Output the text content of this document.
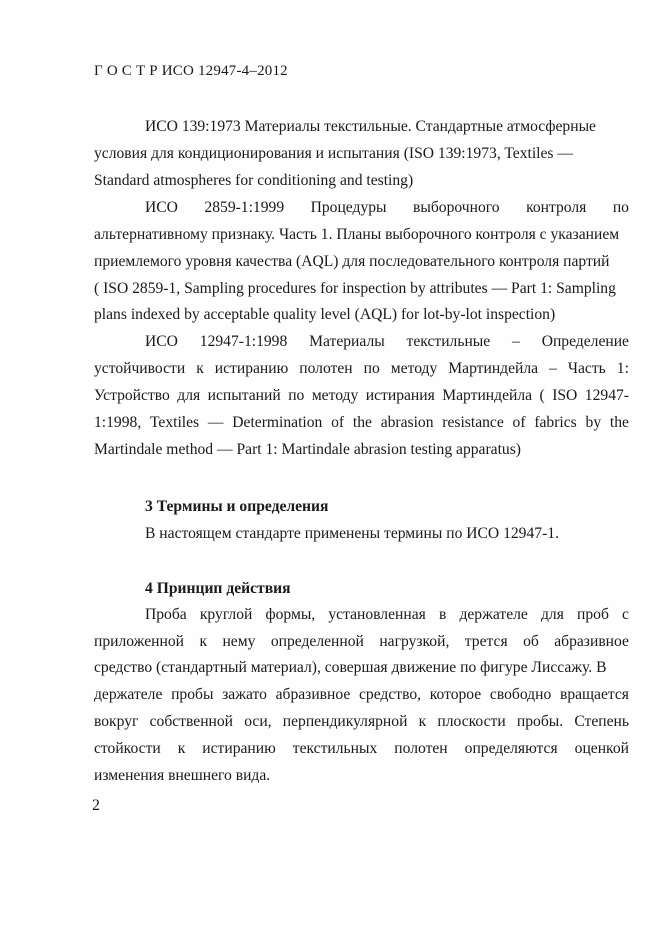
Г О С Т Р ИСО 12947-4–2012
ИСО 139:1973 Материалы текстильные. Стандартные атмосферные
условия для кондиционирования и испытания (ISO 139:1973, Textiles —
Standard atmospheres for conditioning and testing)
ИСО 2859-1:1999 Процедуры выборочного контроля по
альтернативному признаку. Часть 1. Планы выборочного контроля с указанием
приемлемого уровня качества (AQL) для последовательного контроля партий
( ISO 2859-1, Sampling procedures for inspection by attributes — Part 1: Sampling
plans indexed by acceptable quality level (AQL) for lot-by-lot inspection)
ИСО 12947-1:1998 Материалы текстильные – Определение
устойчивости к истиранию полотен по методу Мартиндейла – Часть 1:
Устройство для испытаний по методу истирания Мартиндейла ( ISO 12947-
1:1998, Textiles — Determination of the abrasion resistance of fabrics by the
Martindale method — Part 1: Martindale abrasion testing apparatus)
3 Термины и определения
В настоящем стандарте применены термины по ИСО 12947-1.
4 Принцип действия
Проба круглой формы, установленная в держателе для проб с
приложенной к нему определенной нагрузкой, трется об абразивное
средство (стандартный материал), совершая движение по фигуре Лиссажу. В
держателе пробы зажато абразивное средство, которое свободно вращается
вокруг собственной оси, перпендикулярной к плоскости пробы. Степень
стойкости к истиранию текстильных полотен определяются оценкой
изменения внешнего вида.
2
